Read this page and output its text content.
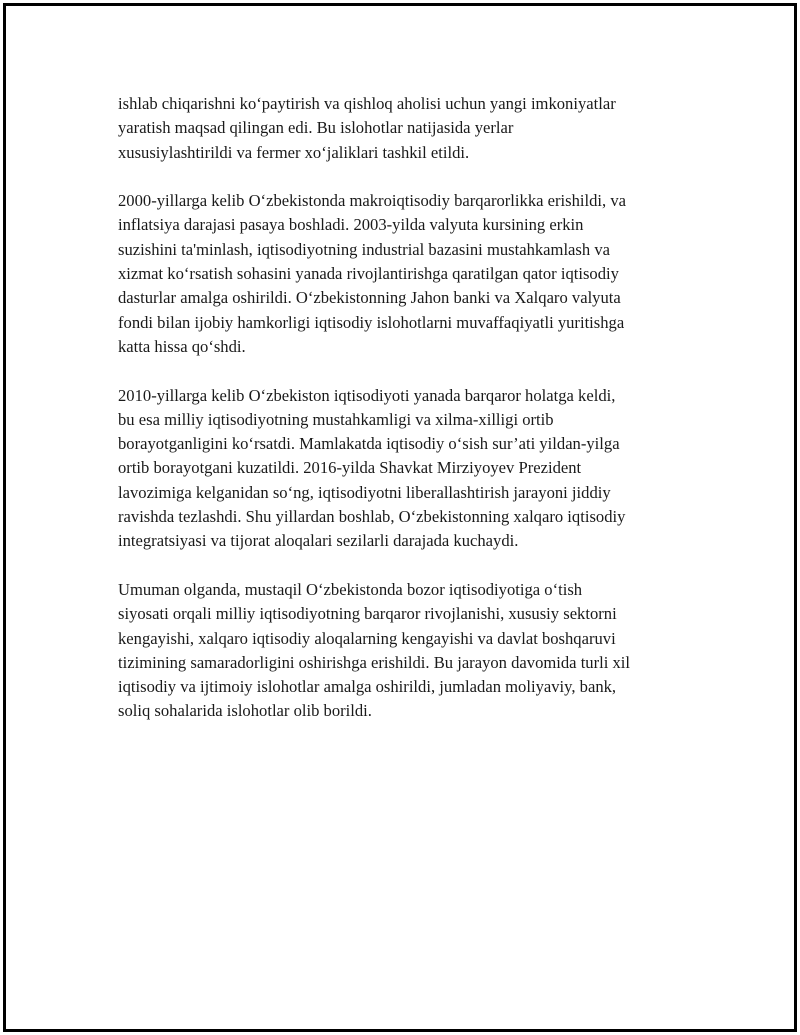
ishlab chiqarishni ko‘paytirish va qishloq aholisi uchun yangi imkoniyatlar
yaratish maqsad qilingan edi. Bu islohotlar natijasida yerlar
xususiylashtirildi va fermer xo‘jaliklari tashkil etildi.

2000-yillarga kelib O‘zbekistonda makroiqtisodiy barqarorlikka erishildi, va
inflatsiya darajasi pasaya boshladi. 2003-yilda valyuta kursining erkin
suzishini ta'minlash, iqtisodiyotning industrial bazasini mustahkamlash va
xizmat ko‘rsatish sohasini yanada rivojlantirishga qaratilgan qator iqtisodiy
dasturlar amalga oshirildi. O‘zbekistonning Jahon banki va Xalqaro valyuta
fondi bilan ijobiy hamkorligi iqtisodiy islohotlarni muvaffaqiyatli yuritishga
katta hissa qo‘shdi.

2010-yillarga kelib O‘zbekiston iqtisodiyoti yanada barqaror holatga keldi,
bu esa milliy iqtisodiyotning mustahkamligi va xilma-xilligi ortib
borayotganligini ko‘rsatdi. Mamlakatda iqtisodiy o‘sish sur’ati yildan-yilga
ortib borayotgani kuzatildi. 2016-yilda Shavkat Mirziyoyev Prezident
lavozimiga kelganidan so‘ng, iqtisodiyotni liberallashtirish jarayoni jiddiy
ravishda tezlashdi. Shu yillardan boshlab, O‘zbekistonning xalqaro iqtisodiy
integratsiyasi va tijorat aloqalari sezilarli darajada kuchaydi.

Umuman olganda, mustaqil O‘zbekistonda bozor iqtisodiyotiga o‘tish
siyosati orqali milliy iqtisodiyotning barqaror rivojlanishi, xususiy sektorni
kengayishi, xalqaro iqtisodiy aloqalarning kengayishi va davlat boshqaruvi
tizimining samaradorligini oshirishga erishildi. Bu jarayon davomida turli xil
iqtisodiy va ijtimoiy islohotlar amalga oshirildi, jumladan moliyaviy, bank,
soliq sohalarida islohotlar olib borildi.
